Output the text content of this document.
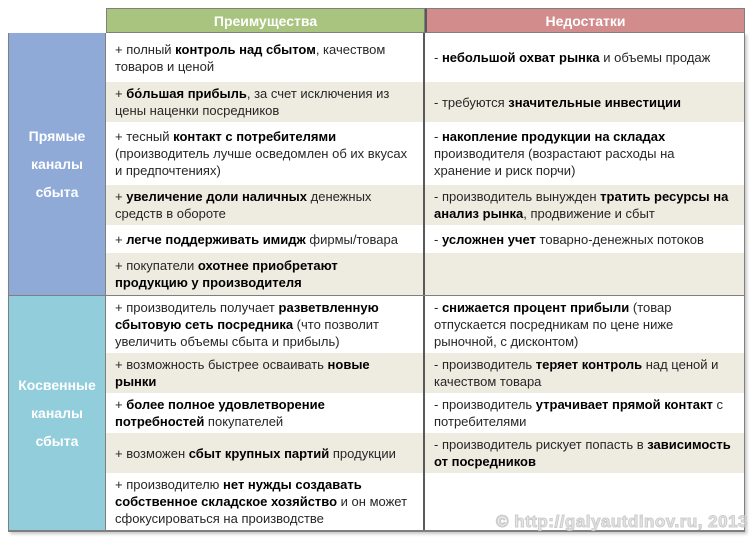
Преимущества	Недостатки
Прямые каналы сбыта
+ полный контроль над сбытом, качеством товаров и ценой
- небольшой охват рынка и объемы продаж
+ бо́льшая прибыль, за счет исключения из цены наценки посредников
- требуются значительные инвестиции
+ тесный контакт с потребителями (производитель лучше осведомлен об их вкусах и предпочтениях)
- накопление продукции на складах производителя (возрастают расходы на хранение и риск порчи)
+ увеличение доли наличных денежных средств в обороте
- производитель вынужден тратить ресурсы на анализ рынка, продвижение и сбыт
+ легче поддерживать имидж фирмы/товара	- усложнен учет товарно-денежных потоков
+ покупатели охотнее приобретают продукцию у производителя
Косвенные каналы сбыта
+ производитель получает разветвленную сбытовую сеть посредника (что позволит увеличить объемы сбыта и прибыль)
- снижается процент прибыли (товар отпускается посредникам по цене ниже рыночной, с дисконтом)
+ возможность быстрее осваивать новые рынки
- производитель теряет контроль над ценой и качеством товара
+ более полное удовлетворение потребностей покупателей
- производитель утрачивает прямой контакт с потребителями
+ возможен сбыт крупных партий продукции
- производитель рискует попасть в зависимость от посредников
+ производителю нет нужды создавать собственное складское хозяйство и он может сфокусироваться на производстве	© http://galyautdinov.ru, 2013
